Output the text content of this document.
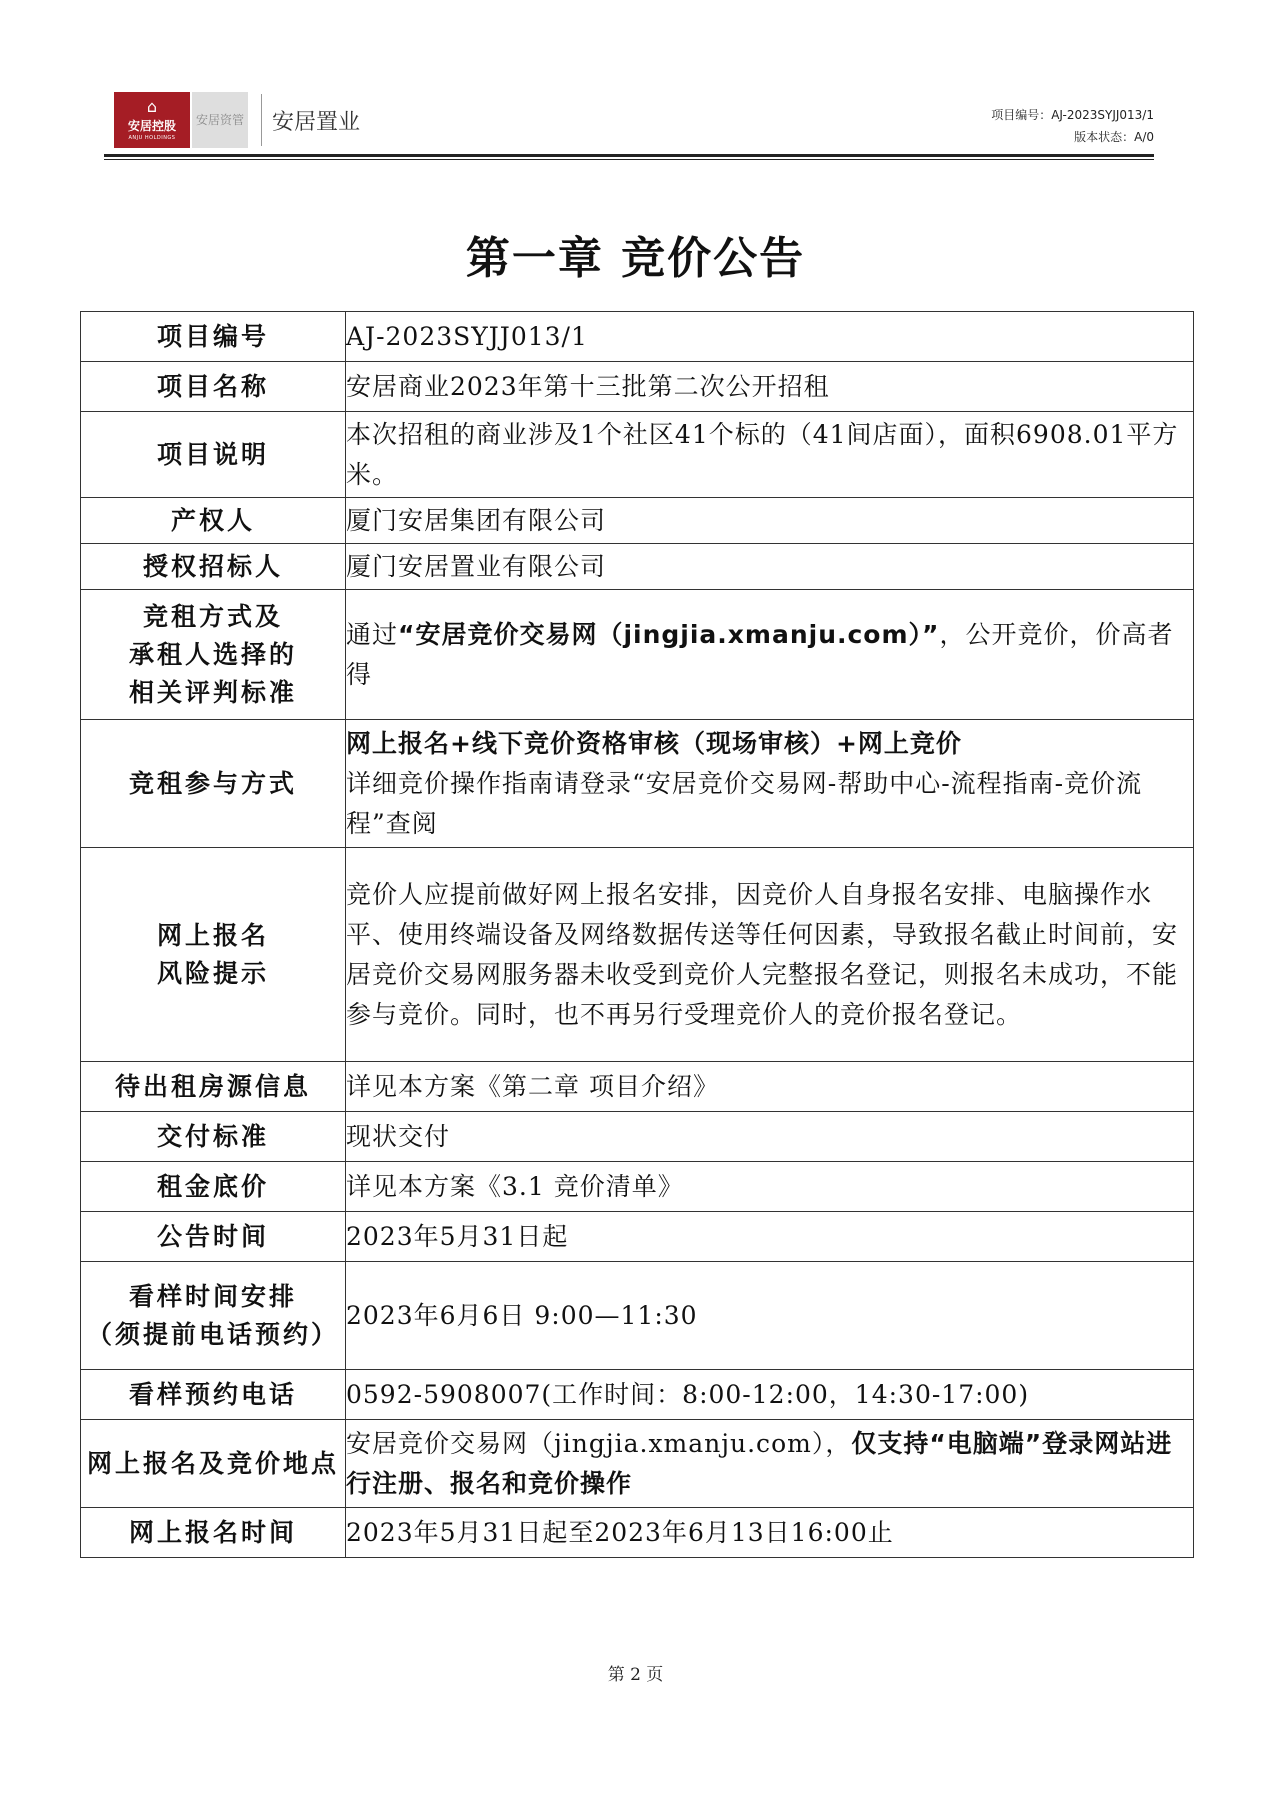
⌂
安居控股
ANJU HOLDINGS
安居资管 安居置业	项目编号：AJ-2023SYJJ013/1
版本状态：A/0
第一章 竞价公告
项目编号	AJ-2023SYJJ013/1
项目名称	安居商业2023年第十三批第二次公开招租
项目说明	本次招租的商业涉及1个社区41个标的（41间店面），面积6908.01平方米。
产权人	厦门安居集团有限公司
授权招标人	厦门安居置业有限公司

竞租方式及
承租人选择的
相关评判标准	通过“安居竞价交易网（jingjia.xmanju.com）”，公开竞价，价高者得
竞租参与方式	网上报名+线下竞价资格审核（现场审核）+网上竞价
详细竞价操作指南请登录“安居竞价交易网-帮助中心-流程指南-竞价流程”查阅

网上报名
风险提示	竞价人应提前做好网上报名安排，因竞价人自身报名安排、电脑操作水平、使用终端设备及网络数据传送等任何因素，导致报名截止时间前，安居竞价交易网服务器未收受到竞价人完整报名登记，则报名未成功，不能参与竞价。同时，也不再另行受理竞价人的竞价报名登记。
待出租房源信息	详见本方案《第二章 项目介绍》
交付标准	现状交付
租金底价	详见本方案《3.1 竞价清单》
公告时间	2023年5月31日起

看样时间安排
（须提前电话预约）	2023年6月6日 9:00—11:30
看样预约电话	0592-5908007(工作时间：8:00-12:00，14:30-17:00)
网上报名及竞价地点	安居竞价交易网（jingjia.xmanju.com），仅支持“电脑端”登录网站进行注册、报名和竞价操作
网上报名时间	2023年5月31日起至2023年6月13日16:00止
第 2 页
